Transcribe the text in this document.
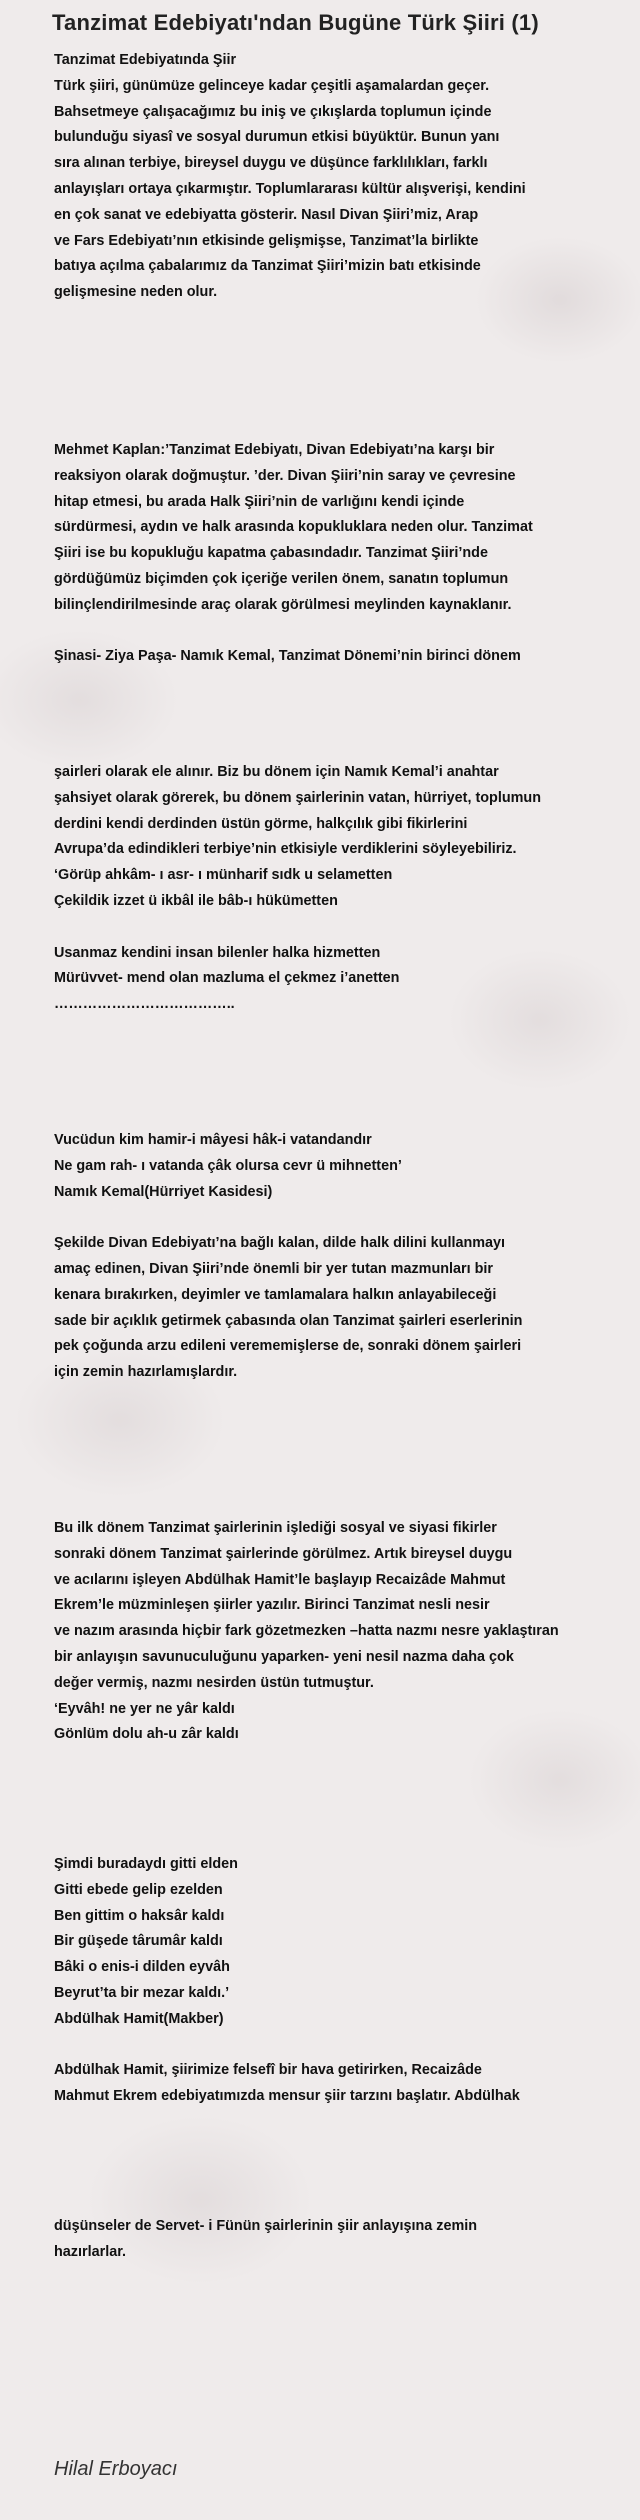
Tanzimat Edebiyatı'ndan Bugüne Türk Şiiri (1)
Tanzimat Edebiyatında Şiir
Türk şiiri, günümüze gelinceye kadar çeşitli aşamalardan geçer.
Bahsetmeye çalışacağımız bu iniş ve çıkışlarda toplumun içinde
bulunduğu siyasî ve sosyal durumun etkisi büyüktür. Bunun yanı
sıra alınan terbiye, bireysel duygu ve düşünce farklılıkları, farklı
anlayışları ortaya çıkarmıştır. Toplumlararası kültür alışverişi, kendini
en çok sanat ve edebiyatta gösterir. Nasıl Divan Şiiri’miz, Arap
ve Fars Edebiyatı’nın etkisinde gelişmişse, Tanzimat’la birlikte
batıya açılma çabalarımız da Tanzimat Şiiri’mizin batı etkisinde
gelişmesine neden olur.
Mehmet Kaplan:’Tanzimat Edebiyatı, Divan Edebiyatı’na karşı bir
reaksiyon olarak doğmuştur. ’der. Divan Şiiri’nin saray ve çevresine
hitap etmesi, bu arada Halk Şiiri’nin de varlığını kendi içinde
sürdürmesi, aydın ve halk arasında kopukluklara neden olur. Tanzimat
Şiiri ise bu kopukluğu kapatma çabasındadır. Tanzimat Şiiri’nde
gördüğümüz biçimden çok içeriğe verilen önem, sanatın toplumun
bilinçlendirilmesinde araç olarak görülmesi meylinden kaynaklanır.
Şinasi- Ziya Paşa- Namık Kemal, Tanzimat Dönemi’nin birinci dönem
şairleri olarak ele alınır. Biz bu dönem için Namık Kemal’i anahtar
şahsiyet olarak görerek, bu dönem şairlerinin vatan, hürriyet, toplumun
derdini kendi derdinden üstün görme, halkçılık gibi fikirlerini
Avrupa’da edindikleri terbiye’nin etkisiyle verdiklerini söyleyebiliriz.
‘Görüp ahkâm- ı asr- ı münharif sıdk u selametten
Çekildik izzet ü ikbâl ile bâb-ı hükümetten
Usanmaz kendini insan bilenler halka hizmetten
Mürüvvet- mend olan mazluma el çekmez i’anetten
………………………………..
Vucüdun kim hamir-i mâyesi hâk-i vatandandır
Ne gam rah- ı vatanda çâk olursa cevr ü mihnetten’
Namık Kemal(Hürriyet Kasidesi)
Şekilde Divan Edebiyatı’na bağlı kalan, dilde halk dilini kullanmayı
amaç edinen, Divan Şiiri’nde önemli bir yer tutan mazmunları bir
kenara bırakırken, deyimler ve tamlamalara halkın anlayabileceği
sade bir açıklık getirmek çabasında olan Tanzimat şairleri eserlerinin
pek çoğunda arzu edileni verememişlerse de, sonraki dönem şairleri
için zemin hazırlamışlardır.
Bu ilk dönem Tanzimat şairlerinin işlediği sosyal ve siyasi fikirler
sonraki dönem Tanzimat şairlerinde görülmez. Artık bireysel duygu
ve acılarını işleyen Abdülhak Hamit’le başlayıp Recaizâde Mahmut
Ekrem’le müzminleşen şiirler yazılır. Birinci Tanzimat nesli nesir
ve nazım arasında hiçbir fark gözetmezken –hatta nazmı nesre yaklaştıran
bir anlayışın savunuculuğunu yaparken- yeni nesil nazma daha çok
değer vermiş, nazmı nesirden üstün tutmuştur.
‘Eyvâh! ne yer ne yâr kaldı
Gönlüm dolu ah-u zâr kaldı
Şimdi buradaydı gitti elden
Gitti ebede gelip ezelden
Ben gittim o haksâr kaldı
Bir güşede târumâr kaldı
Bâki o enis-i dilden eyvâh
Beyrut’ta bir mezar kaldı.’
Abdülhak Hamit(Makber)
Abdülhak Hamit, şiirimize felsefî bir hava getirirken, Recaizâde
Mahmut Ekrem edebiyatımızda mensur şiir tarzını başlatır. Abdülhak
düşünseler de Servet- i Fünün şairlerinin şiir anlayışına zemin
hazırlarlar.
Hilal Erboyacı
